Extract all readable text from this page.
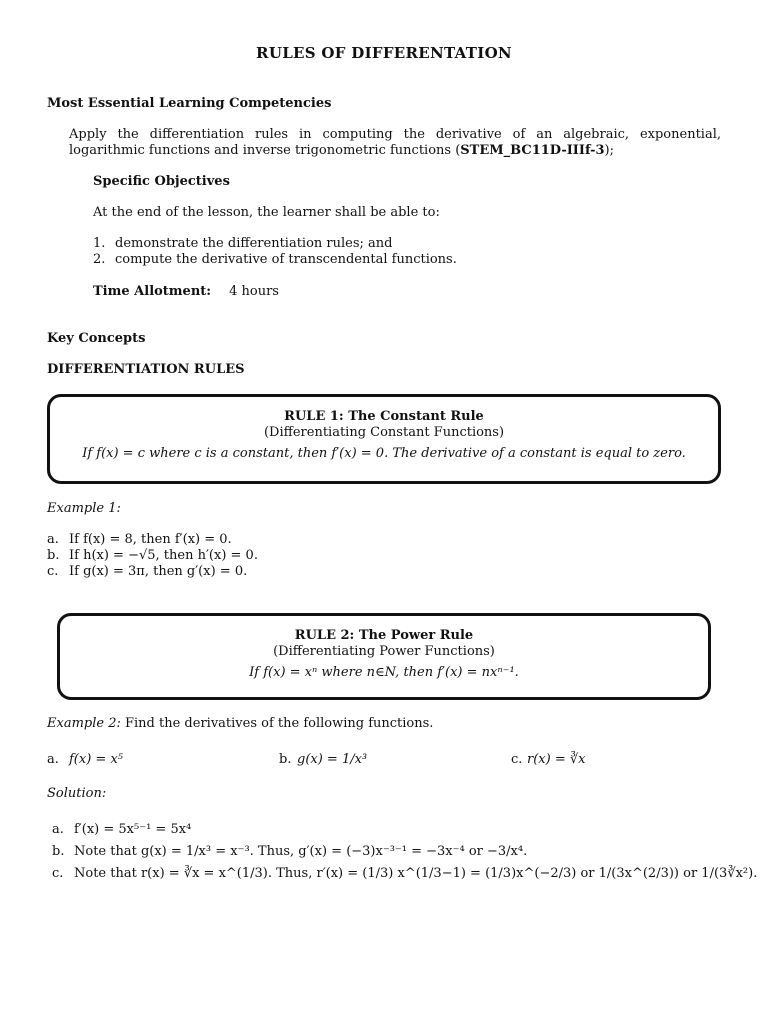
RULES OF DIFFERENTATION
Most Essential Learning Competencies
Apply the differentiation rules in computing the derivative of an algebraic, exponential, logarithmic functions and inverse trigonometric functions (STEM_BC11D-IIIf-3);
Specific Objectives
At the end of the lesson, the learner shall be able to:
1. demonstrate the differentiation rules; and
2. compute the derivative of transcendental functions.
Time Allotment: 4 hours
Key Concepts
DIFFERENTIATION RULES
RULE 1: The Constant Rule
(Differentiating Constant Functions)
If f(x) = c where c is a constant, then f′(x) = 0. The derivative of a constant is equal to zero.
Example 1:
a. If f(x) = 8, then f′(x) = 0.
b. If h(x) = −√5, then h′(x) = 0.
c. If g(x) = 3π, then g′(x) = 0.
RULE 2: The Power Rule
(Differentiating Power Functions)
If f(x) = xⁿ where n∈N, then f′(x) = nxⁿ⁻¹.
Example 2: Find the derivatives of the following functions.
a. f(x) = x⁵	b. g(x) = 1/x³	c. r(x) = ∛x
Solution:
a. f′(x) = 5x⁵⁻¹ = 5x⁴
b. Note that g(x) = 1/x³ = x⁻³. Thus, g′(x) = (−3)x⁻³⁻¹ = −3x⁻⁴ or −3/x⁴.
c. Note that r(x) = ∛x = x^(1/3). Thus, r′(x) = (1/3) x^(1/3−1) = (1/3)x^(−2/3) or 1/(3x^(2/3)) or 1/(3∛x²).
